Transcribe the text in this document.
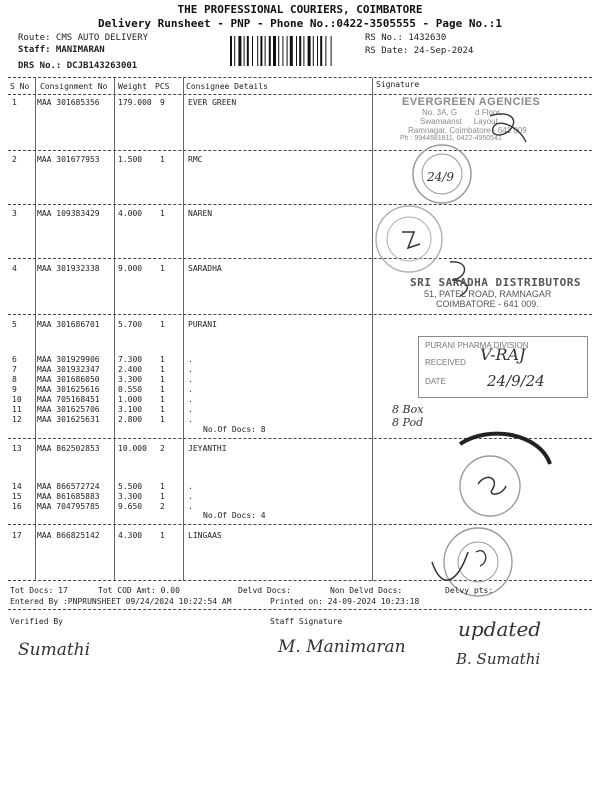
THE PROFESSIONAL COURIERS, COIMBATORE
Delivery Runsheet - PNP - Phone No.:0422-3505555 - Page No.:1
Route: CMS AUTO DELIVERY
Staff: MANIMARAN
DRS No.: DCJB143263001
RS No.: 1432630
RS Date: 24-Sep-2024
S No Consignment No Weight PCS Consignee Details	Signature
1	MAA 301685356 179.000 9	EVER GREEN
2	MAA 301677953 1.500 1	RMC
3	MAA 109383429 4.000 1	NAREN
4	MAA 301932338 9.000 1	SARADHA
5	MAA 301686701 5.700 1	PURANI
6	MAA 301929906 7.300 1	.
7	MAA 301932347 2.400 1	.
8	MAA 301686050 3.300 1	.
9	MAA 301625616 0.550 1	.
10 MAA 705168451 1.000 1	.
11 MAA 301625706 3.100 1	.
12 MAA 301625631 2.800 1	.
13 MAA 862502853 10.000 2	JEYANTHI
14 MAA 866572724 5.500 1	.
15 MAA 861685883 3.300 1	.
16 MAA 704795785 9.650 2	.
17 MAA 866825142 4.300 1	LINGAAS
No.Of Docs: 8
No.Of Docs: 4
EVERGREEN AGENCIES
No. 3A, G d Floor,
Swamaanst Layout,
Ramnagar, Coimbatore - 641 009
Ph : 9944681811, 0422-4950541
24/9
SRI SARADHA DISTRIBUTORS
51, PATEL ROAD, RAMNAGAR
COIMBATORE - 641 009.
PURANI PHARMA DIVISION
RECEIVED
DATE
V-RAJ
24/9/24
8 Box
8 Pod
Tot Docs: 17	Tot COD Amt: 0.00	Delvd Docs:	Non Delvd Docs:	Delvy pts:
Entered By :PNPRUNSHEET 09/24/2024 10:22:54 AM	Printed on: 24-09-2024 10:23:18
Verified By	Staff Signature
Sumathi	M. Manimaran
updated
B. Sumathi
